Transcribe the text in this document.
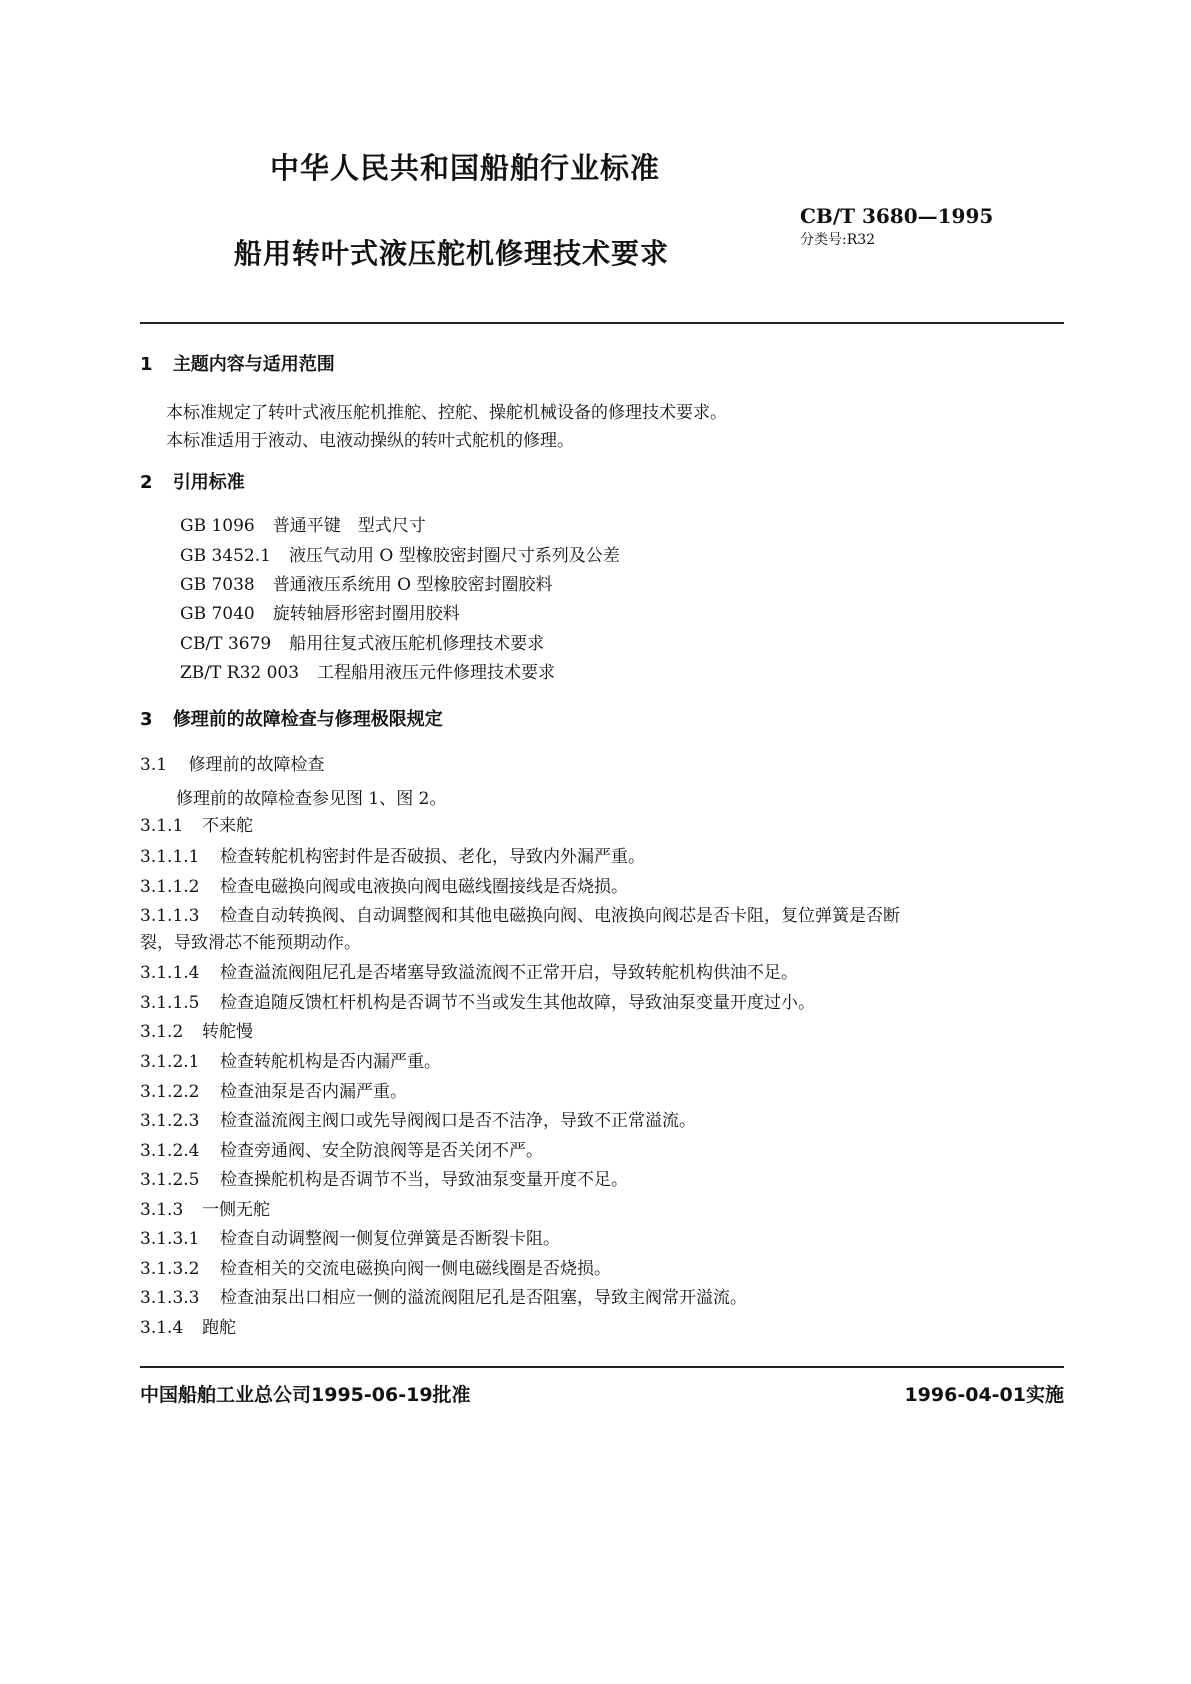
中华人民共和国船舶行业标准
船用转叶式液压舵机修理技术要求
CB/T 3680—1995
分类号:R32
1 主题内容与适用范围
本标准规定了转叶式液压舵机推舵、控舵、操舵机械设备的修理技术要求。
本标准适用于液动、电液动操纵的转叶式舵机的修理。
2 引用标准
GB 1096 普通平键　型式尺寸
GB 3452.1 液压气动用 O 型橡胶密封圈尺寸系列及公差
GB 7038 普通液压系统用 O 型橡胶密封圈胶料
GB 7040 旋转轴唇形密封圈用胶料
CB/T 3679 船用往复式液压舵机修理技术要求
ZB/T R32 003 工程船用液压元件修理技术要求
3 修理前的故障检查与修理极限规定
3.1 修理前的故障检查
修理前的故障检查参见图 1、图 2。
3.1.1 不来舵
3.1.1.1 检查转舵机构密封件是否破损、老化，导致内外漏严重。
3.1.1.2 检查电磁换向阀或电液换向阀电磁线圈接线是否烧损。
3.1.1.3 检查自动转换阀、自动调整阀和其他电磁换向阀、电液换向阀芯是否卡阻，复位弹簧是否断
裂，导致滑芯不能预期动作。
3.1.1.4 检查溢流阀阻尼孔是否堵塞导致溢流阀不正常开启，导致转舵机构供油不足。
3.1.1.5 检查追随反馈杠杆机构是否调节不当或发生其他故障，导致油泵变量开度过小。
3.1.2 转舵慢
3.1.2.1 检查转舵机构是否内漏严重。
3.1.2.2 检查油泵是否内漏严重。
3.1.2.3 检查溢流阀主阀口或先导阀阀口是否不洁净，导致不正常溢流。
3.1.2.4 检查旁通阀、安全防浪阀等是否关闭不严。
3.1.2.5 检查操舵机构是否调节不当，导致油泵变量开度不足。
3.1.3 一侧无舵
3.1.3.1 检查自动调整阀一侧复位弹簧是否断裂卡阻。
3.1.3.2 检查相关的交流电磁换向阀一侧电磁线圈是否烧损。
3.1.3.3 检查油泵出口相应一侧的溢流阀阻尼孔是否阻塞，导致主阀常开溢流。
3.1.4 跑舵
中国船舶工业总公司1995-06-19批准	1996-04-01实施
